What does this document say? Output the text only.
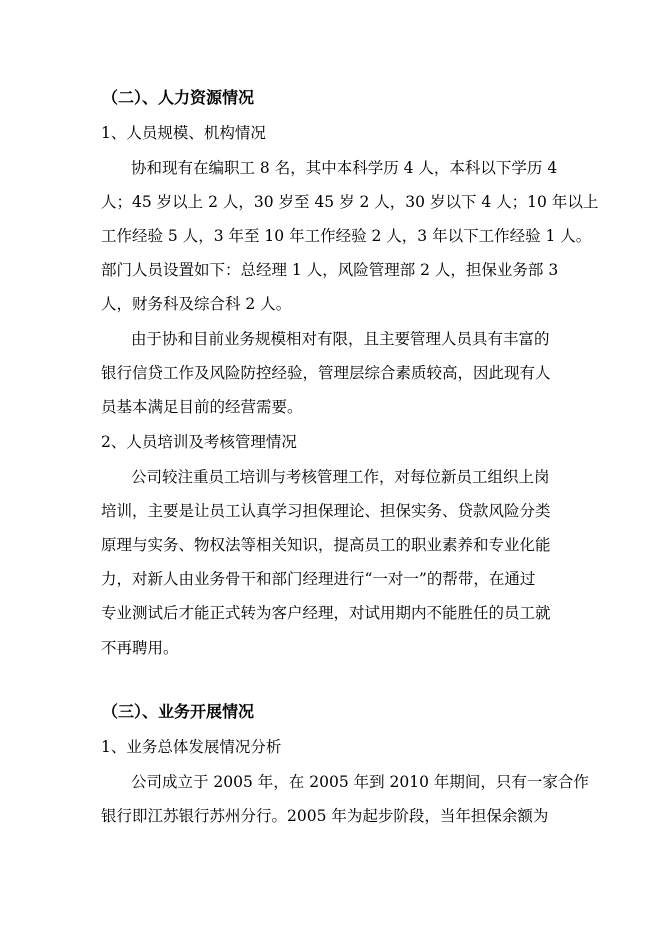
（二）、人力资源情况

1、人员规模、机构情况

协和现有在编职工 8 名，其中本科学历 4 人，本科以下学历 4

人；45 岁以上 2 人，30 岁至 45 岁 2 人，30 岁以下 4 人；10 年以上

工作经验 5 人，3 年至 10 年工作经验 2 人，3 年以下工作经验 1 人。

部门人员设置如下：总经理 1 人，风险管理部 2 人，担保业务部 3

人，财务科及综合科 2 人。

由于协和目前业务规模相对有限，且主要管理人员具有丰富的

银行信贷工作及风险防控经验，管理层综合素质较高，因此现有人

员基本满足目前的经营需要。

2、人员培训及考核管理情况

公司较注重员工培训与考核管理工作，对每位新员工组织上岗

培训，主要是让员工认真学习担保理论、担保实务、贷款风险分类

原理与实务、物权法等相关知识，提高员工的职业素养和专业化能

力，对新人由业务骨干和部门经理进行“一对一”的帮带，在通过

专业测试后才能正式转为客户经理，对试用期内不能胜任的员工就

不再聘用。

（三）、业务开展情况

1、业务总体发展情况分析

公司成立于 2005 年，在 2005 年到 2010 年期间，只有一家合作

银行即江苏银行苏州分行。2005 年为起步阶段，当年担保余额为
